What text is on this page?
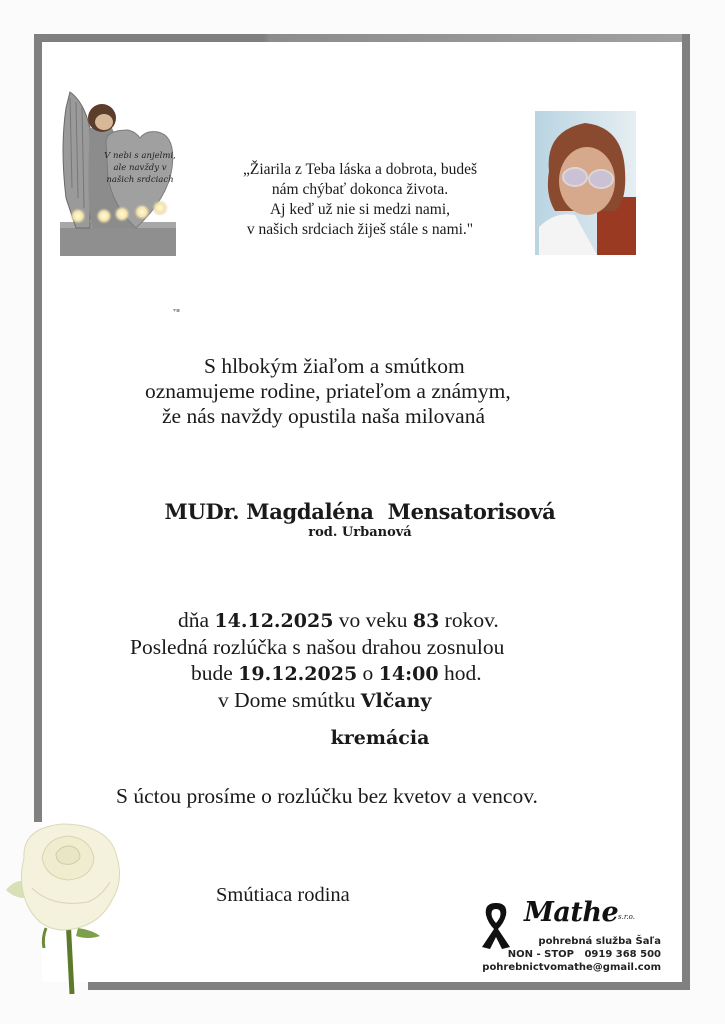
V nebi s anjelmi,
ale navždy v
našich srdciach
„Žiarila z Teba láska a dobrota, budeš
nám chýbať dokonca života.
Aj keď už nie si medzi nami,
v našich srdciach žiješ stále s nami."
▾▪
S hlbokým žiaľom a smútkom
oznamujeme rodine, priateľom a známym,
že nás navždy opustila naša milovaná
MUDr. Magdaléna  Mensatorisová
rod. Urbanová
dňa 14.12.2025 vo veku 83 rokov.
Posledná rozlúčka s našou drahou zosnulou
bude 19.12.2025 o 14:00 hod.
v Dome smútku Vlčany
kremácia
S úctou prosíme o rozlúčku bez kvetov a vencov.
Smútiaca rodina
Mathe s.r.o.
pohrebná služba Šaľa
NON - STOP   0919 368 500
pohrebnictvomathe@gmail.com
